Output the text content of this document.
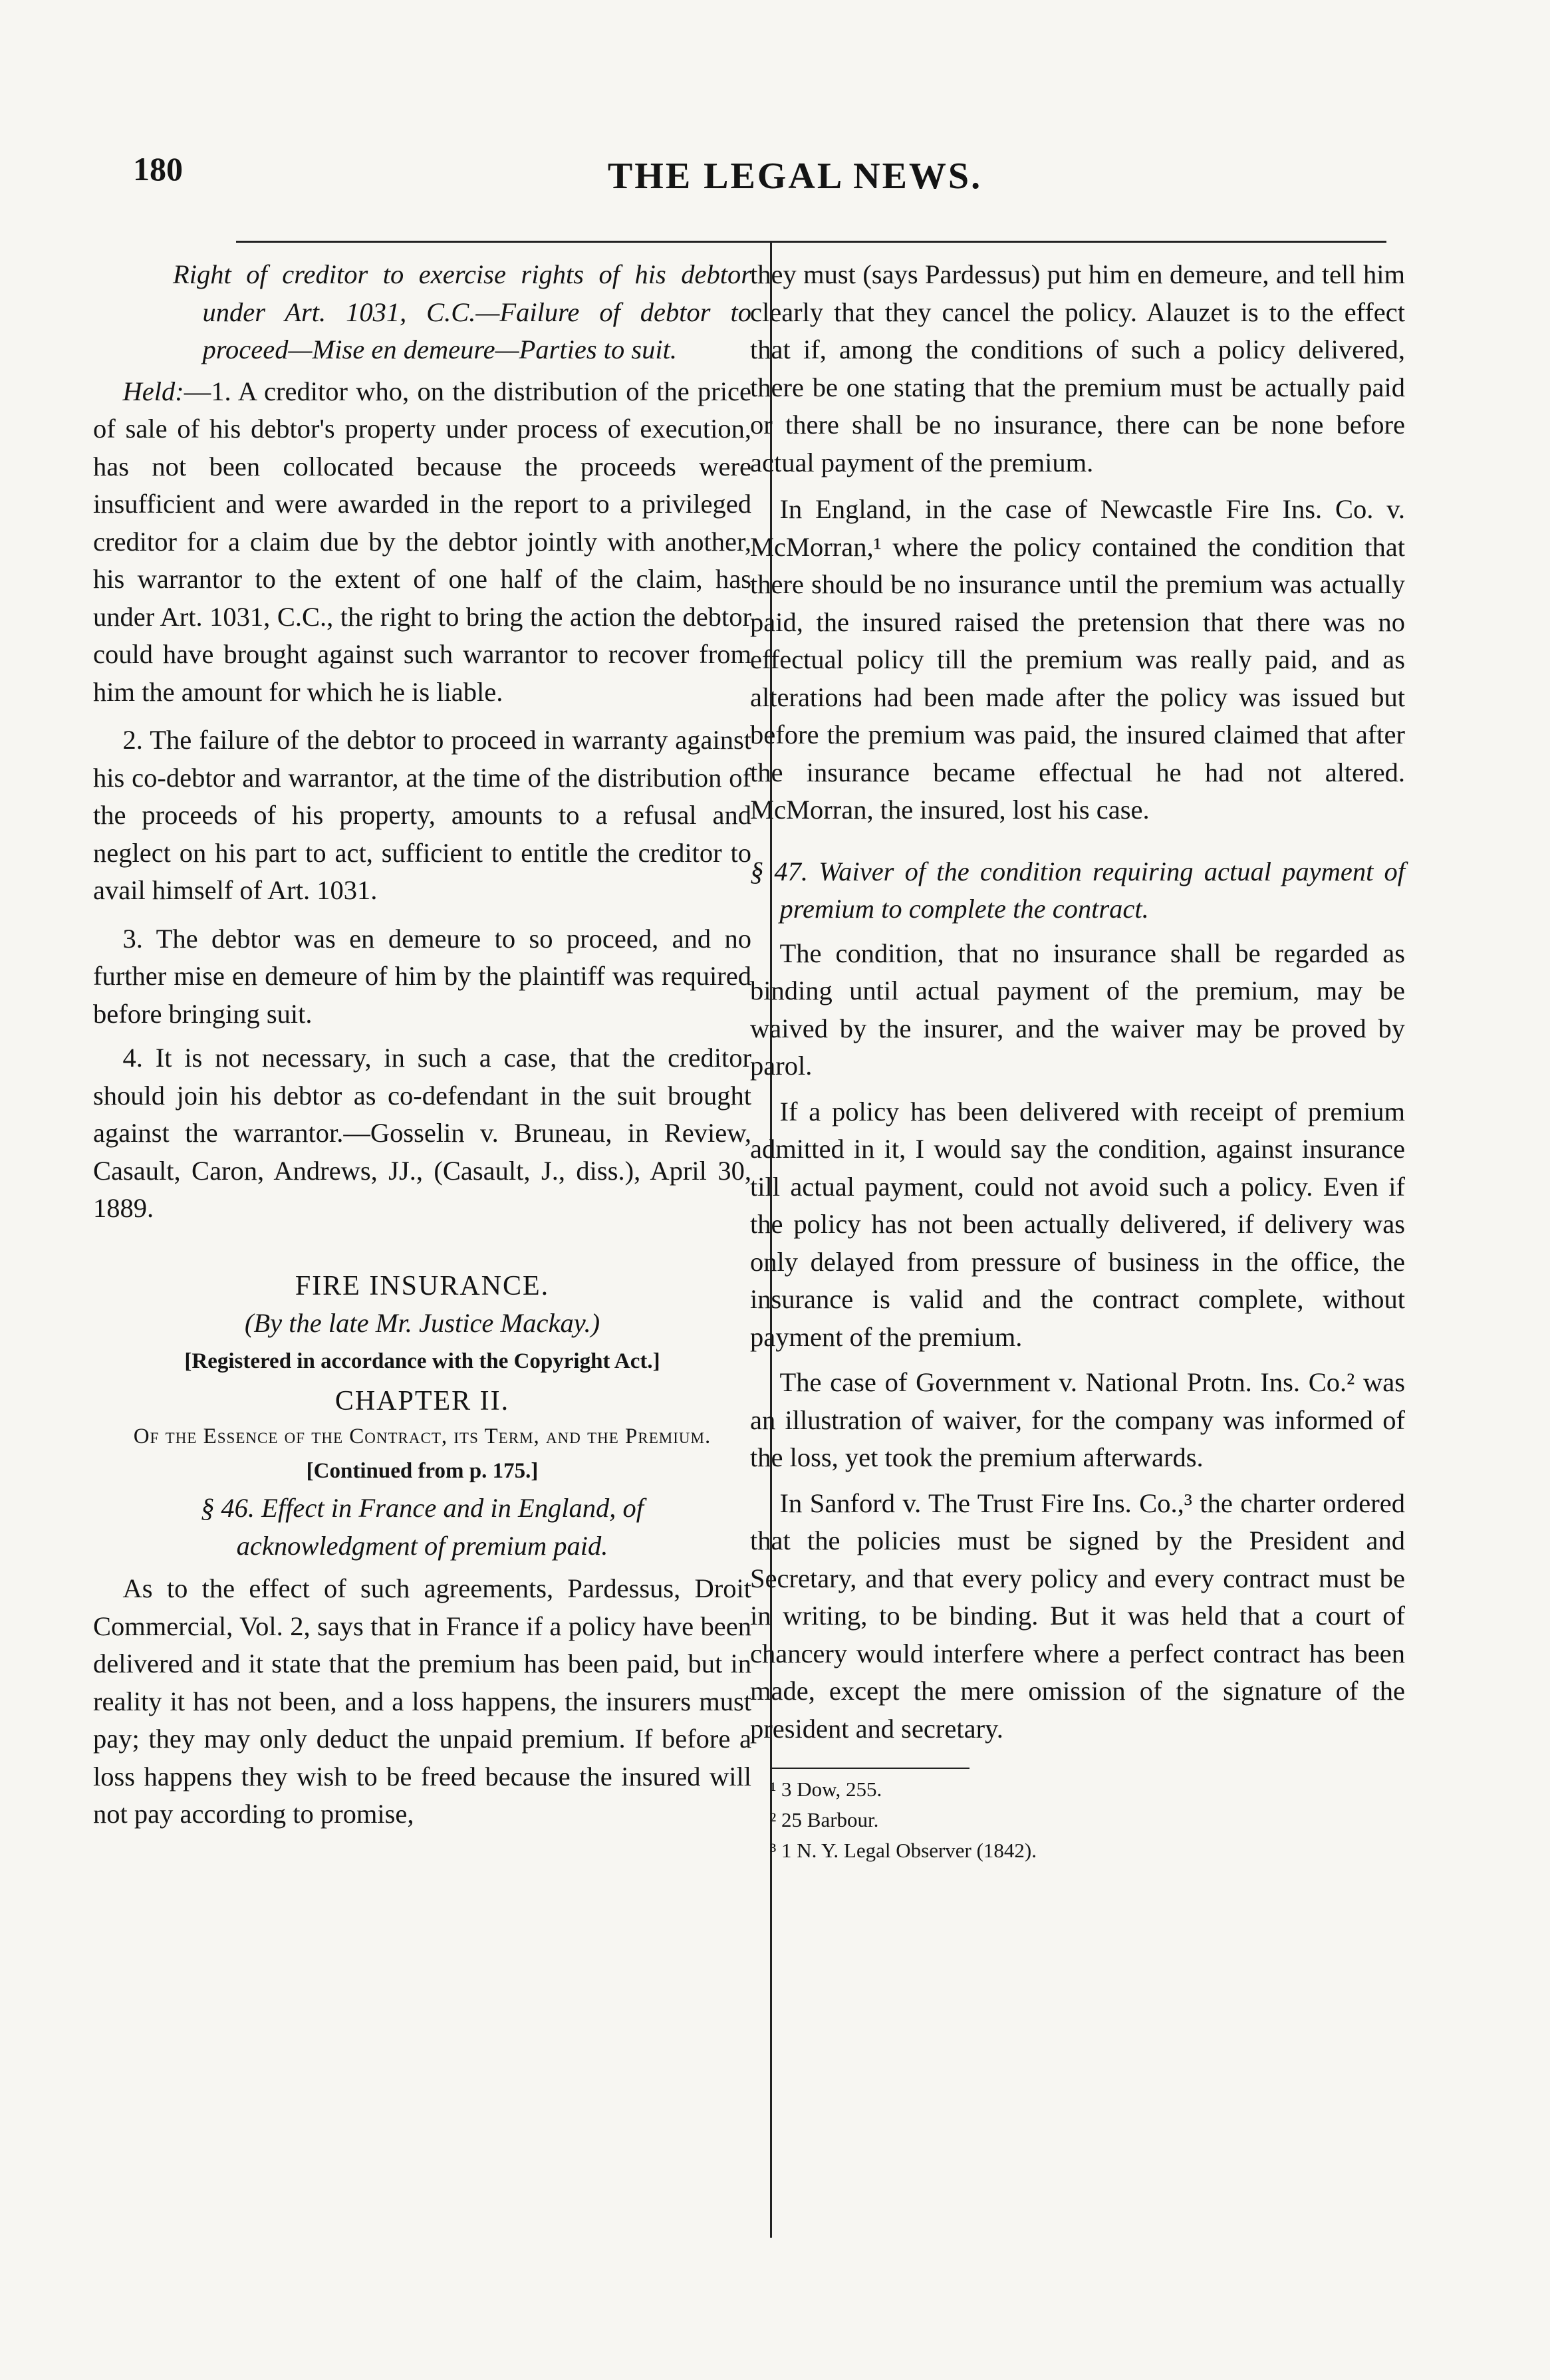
180	THE LEGAL NEWS.

Right of creditor to exercise rights of his debtor under Art. 1031, C.C.—Failure of debtor to proceed—Mise en demeure—Parties to suit.

Held:—1. A creditor who, on the distribution of the price of sale of his debtor's property under process of execution, has not been collocated because the proceeds were insufficient and were awarded in the report to a privileged creditor for a claim due by the debtor jointly with another, his warrantor to the extent of one half of the claim, has under Art. 1031, C.C., the right to bring the action the debtor could have brought against such warrantor to recover from him the amount for which he is liable.

2. The failure of the debtor to proceed in warranty against his co-debtor and warrantor, at the time of the distribution of the proceeds of his property, amounts to a refusal and neglect on his part to act, sufficient to entitle the creditor to avail himself of Art. 1031.

3. The debtor was en demeure to so proceed, and no further mise en demeure of him by the plaintiff was required before bringing suit.

4. It is not necessary, in such a case, that the creditor should join his debtor as co-defendant in the suit brought against the warrantor.—Gosselin v. Bruneau, in Review, Casault, Caron, Andrews, JJ., (Casault, J., diss.), April 30, 1889.

FIRE INSURANCE.
(By the late Mr. Justice Mackay.)
[Registered in accordance with the Copyright Act.]
CHAPTER II.
Of the Essence of the Contract, its Term, and the Premium.
[Continued from p. 175.]
§ 46. Effect in France and in England, of acknowledgment of premium paid.

As to the effect of such agreements, Pardessus, Droit Commercial, Vol. 2, says that in France if a policy have been delivered and it state that the premium has been paid, but in reality it has not been, and a loss happens, the insurers must pay; they may only deduct the unpaid premium. If before a loss happens they wish to be freed because the insured will not pay according to promise,

they must (says Pardessus) put him en demeure, and tell him clearly that they cancel the policy. Alauzet is to the effect that if, among the conditions of such a policy delivered, there be one stating that the premium must be actually paid or there shall be no insurance, there can be none before actual payment of the premium.

In England, in the case of Newcastle Fire Ins. Co. v. McMorran,¹ where the policy contained the condition that there should be no insurance until the premium was actually paid, the insured raised the pretension that there was no effectual policy till the premium was really paid, and as alterations had been made after the policy was issued but before the premium was paid, the insured claimed that after the insurance became effectual he had not altered. McMorran, the insured, lost his case.

§ 47. Waiver of the condition requiring actual payment of premium to complete the contract.

The condition, that no insurance shall be regarded as binding until actual payment of the premium, may be waived by the insurer, and the waiver may be proved by parol.

If a policy has been delivered with receipt of premium admitted in it, I would say the condition, against insurance till actual payment, could not avoid such a policy. Even if the policy has not been actually delivered, if delivery was only delayed from pressure of business in the office, the insurance is valid and the contract complete, without payment of the premium.

The case of Government v. National Protn. Ins. Co.² was an illustration of waiver, for the company was informed of the loss, yet took the premium afterwards.

In Sanford v. The Trust Fire Ins. Co.,³ the charter ordered that the policies must be signed by the President and Secretary, and that every policy and every contract must be in writing, to be binding. But it was held that a court of chancery would interfere where a perfect contract has been made, except the mere omission of the signature of the president and secretary.

¹ 3 Dow, 255.
² 25 Barbour.
³ 1 N. Y. Legal Observer (1842).
